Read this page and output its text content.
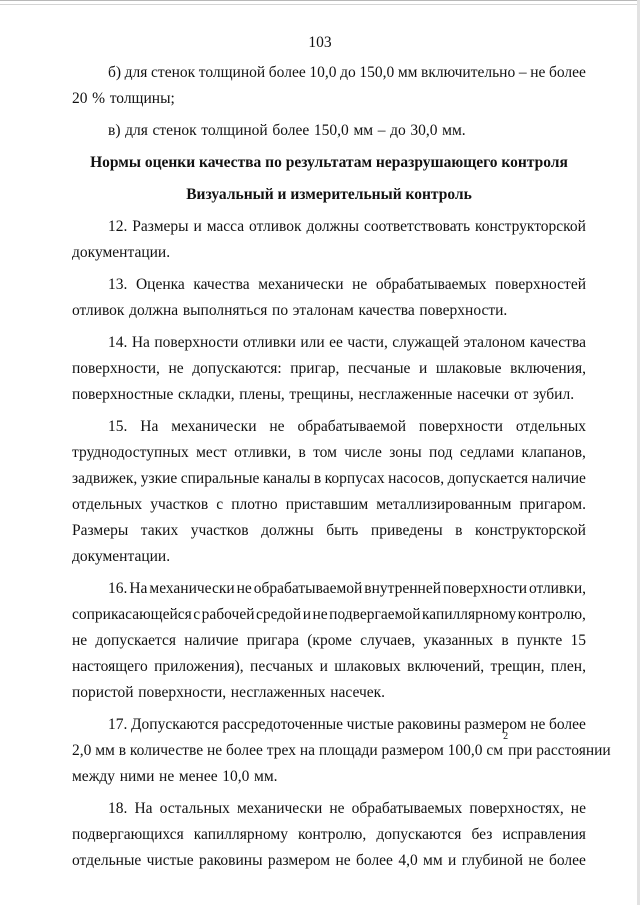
103
б) для стенок толщиной более 10,0 до 150,0 мм включительно – не более
20 % толщины;
в) для стенок толщиной более 150,0 мм – до 30,0 мм.
Нормы оценки качества по результатам неразрушающего контроля
Визуальный и измерительный контроль
12. Размеры и масса отливок должны соответствовать конструкторской
документации.
13. Оценка качества механически не обрабатываемых поверхностей
отливок должна выполняться по эталонам качества поверхности.
14. На поверхности отливки или ее части, служащей эталоном качества
поверхности, не допускаются: пригар, песчаные и шлаковые включения,
поверхностные складки, плены, трещины, несглаженные насечки от зубил.
15. На механически не обрабатываемой поверхности отдельных
труднодоступных мест отливки, в том числе зоны под седлами клапанов,
задвижек, узкие спиральные каналы в корпусах насосов, допускается наличие
отдельных участков с плотно приставшим металлизированным пригаром.
Размеры таких участков должны быть приведены в конструкторской
документации.
16. На механически не обрабатываемой внутренней поверхности отливки,
соприкасающейся с рабочей средой и не подвергаемой капиллярному контролю,
не допускается наличие пригара (кроме случаев, указанных в пункте 15
настоящего приложения), песчаных и шлаковых включений, трещин, плен,
пористой поверхности, несглаженных насечек.
17. Допускаются рассредоточенные чистые раковины размером не более
2,0 мм в количестве не более трех на площади размером 100,0 см
$^2$
при расстоянии
между ними не менее 10,0 мм.
18. На остальных механически не обрабатываемых поверхностях, не
подвергающихся капиллярному контролю, допускаются без исправления
отдельные чистые раковины размером не более 4,0 мм и глубиной не более
